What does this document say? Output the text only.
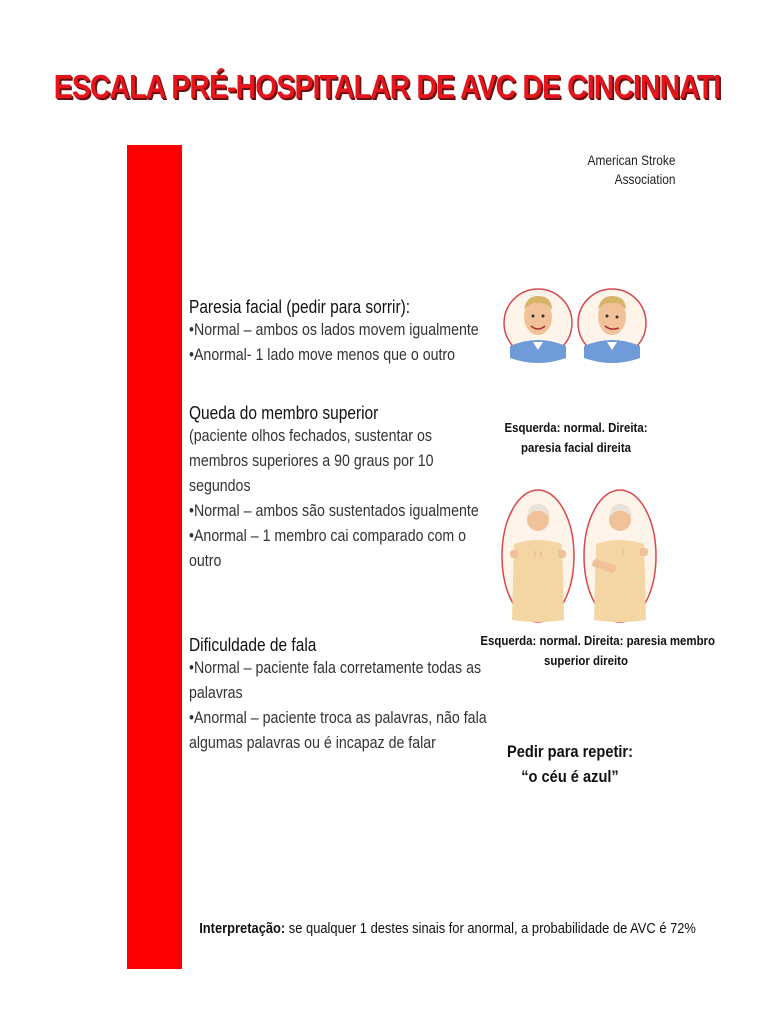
ESCALA PRÉ-HOSPITALAR DE AVC DE CINCINNATI
American Stroke
Association
Paresia facial (pedir para sorrir):
•Normal – ambos os lados movem igualmente
•Anormal- 1 lado move menos que o outro
Queda do membro superior
(paciente olhos fechados, sustentar os
membros superiores a 90 graus por 10
segundos
•Normal – ambos são sustentados igualmente
•Anormal – 1 membro cai comparado com o
outro
Dificuldade de fala
•Normal – paciente fala corretamente todas as
palavras
•Anormal – paciente troca as palavras, não fala
algumas palavras ou é incapaz de falar
Esquerda: normal. Direita:
paresia facial direita
Esquerda: normal. Direita: paresia membro
superior direito
Pedir para repetir:
“o céu é azul”
Interpretação: se qualquer 1 destes sinais for anormal, a probabilidade de AVC é 72%
